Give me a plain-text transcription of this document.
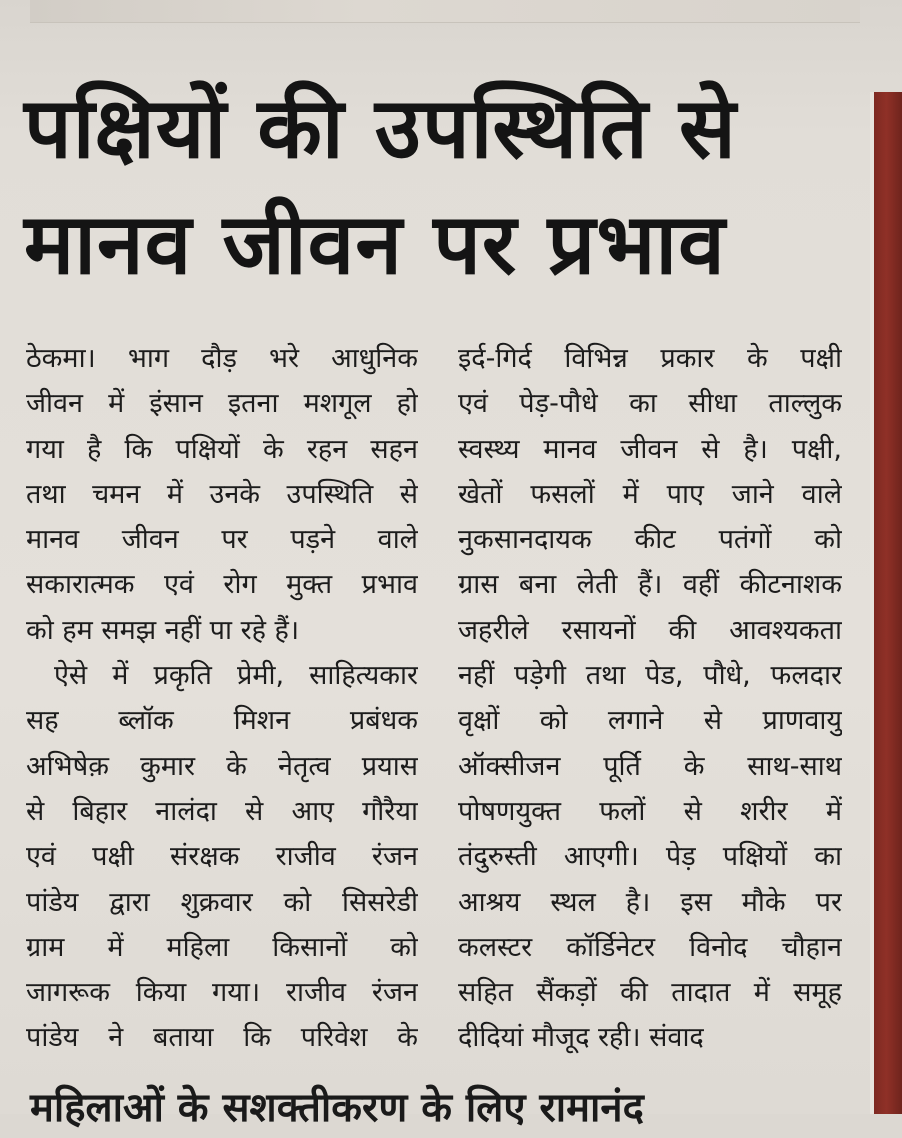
पक्षियों की उपस्थिति से
मानव जीवन पर प्रभाव
ठेकमा। भाग दौड़ भरे आधुनिक
जीवन में इंसान इतना मशगूल हो
गया है कि पक्षियों के रहन सहन
तथा चमन में उनके उपस्थिति से
मानव जीवन पर पड़ने वाले
सकारात्मक एवं रोग मुक्त प्रभाव
को हम समझ नहीं पा रहे हैं।
ऐसे में प्रकृति प्रेमी, साहित्यकार
सह ब्लॉक मिशन प्रबंधक
अभिषेक़ कुमार के नेतृत्व प्रयास
से बिहार नालंदा से आए गौरैया
एवं पक्षी संरक्षक राजीव रंजन
पांडेय द्वारा शुक्रवार को सिसरेडी
ग्राम में महिला किसानों को
जागरूक किया गया। राजीव रंजन
पांडेय ने बताया कि परिवेश के
इर्द-गिर्द विभिन्न प्रकार के पक्षी
एवं पेड़-पौधे का सीधा ताल्लुक
स्वस्थ्य मानव जीवन से है। पक्षी,
खेतों फसलों में पाए जाने वाले
नुकसानदायक कीट पतंगों को
ग्रास बना लेती हैं। वहीं कीटनाशक
जहरीले रसायनों की आवश्यकता
नहीं पड़ेगी तथा पेड, पौधे, फलदार
वृक्षों को लगाने से प्राणवायु
ऑक्सीजन पूर्ति के साथ-साथ
पोषणयुक्त फलों से शरीर में
तंदुरुस्ती आएगी। पेड़ पक्षियों का
आश्रय स्थल है। इस मौके पर
कलस्टर कॉर्डिनेटर विनोद चौहान
सहित सैंकड़ों की तादात में समूह
दीदियां मौजूद रही। संवाद
महिलाओं के सशक्तीकरण के लिए रामानंद
